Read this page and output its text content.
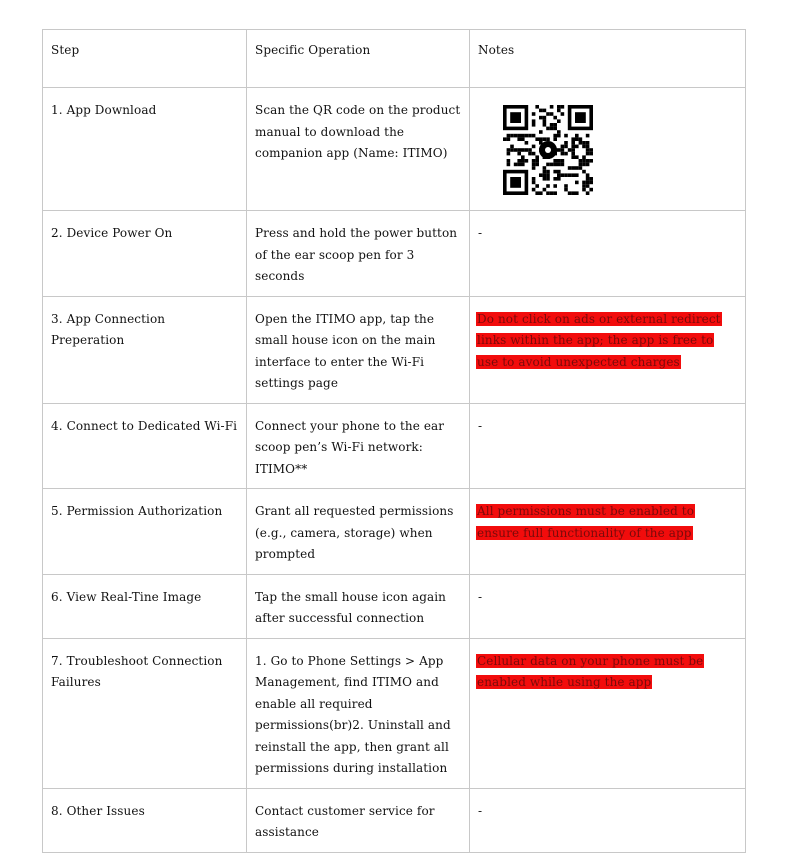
Step	Specific Operation	Notes
1. App Download	Scan the QR code on the product manual to download the companion app (Name: ITIMO)	

2. Device Power On	Press and hold the power button of the ear scoop pen for 3 seconds	-
3. App Connection Preperation	Open the ITIMO app, tap the small house icon on the main interface to enter the Wi-Fi settings page	Do not click on ads or external redirect links within the app; the app is free to use to avoid unexpected charges
4. Connect to Dedicated Wi-Fi	Connect your phone to the ear scoop pen’s Wi-Fi network: ITIMO**	-
5. Permission Authorization	Grant all requested permissions (e.g., camera, storage) when prompted	All permissions must be enabled to ensure full functionality of the app
6. View Real-Tine Image	Tap the small house icon again after successful connection	-
7. Troubleshoot Connection Failures	1. Go to Phone Settings > App Management, find ITIMO and enable all required permissions(br)2. Uninstall and reinstall the app, then grant all permissions during installation	Cellular data on your phone must be enabled while using the app
8. Other Issues	Contact customer service for assistance	-
